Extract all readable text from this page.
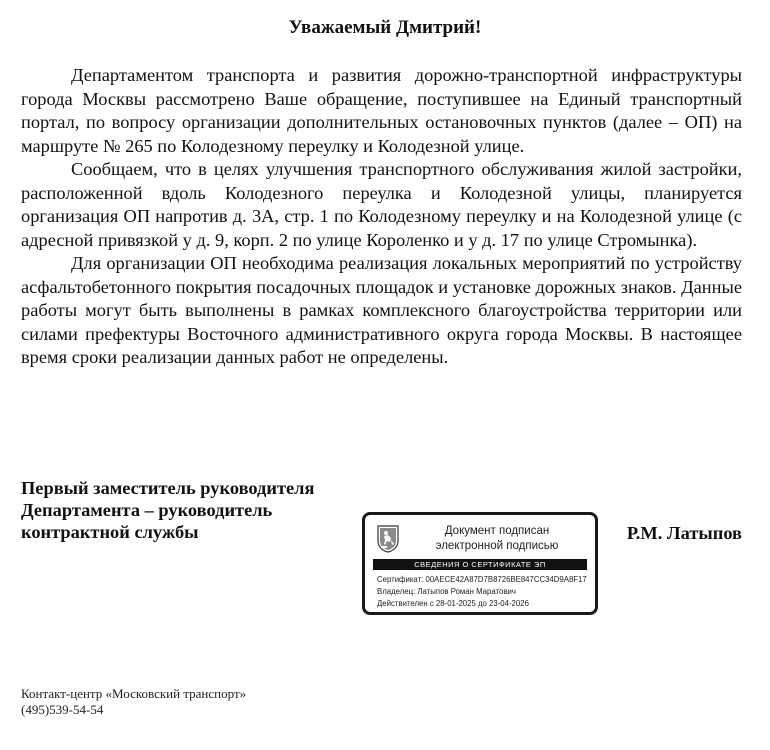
Уважаемый Дмитрий!

Департаментом транспорта и развития дорожно-транспортной инфраструктуры города Москвы рассмотрено Ваше обращение, поступившее на Единый транспортный портал, по вопросу организации дополнительных остановочных пунктов (далее – ОП) на маршруте № 265 по Колодезному переулку и Колодезной улице.

Сообщаем, что в целях улучшения транспортного обслуживания жилой застройки, расположенной вдоль Колодезного переулка и Колодезной улицы, планируется организация ОП напротив д. 3А, стр. 1 по Колодезному переулку и на Колодезной улице (с адресной привязкой у д. 9, корп. 2 по улице Короленко и у д. 17 по улице Стромынка).

Для организации ОП необходима реализация локальных мероприятий по устройству асфальтобетонного покрытия посадочных площадок и установке дорожных знаков. Данные работы могут быть выполнены в рамках комплексного благоустройства территории или силами префектуры Восточного административного округа города Москвы. В настоящее время сроки реализации данных работ не определены.

Первый заместитель руководителя
Департамента – руководитель
контрактной службы	Документ подписан
электронной подписью
СВЕДЕНИЯ О СЕРТИФИКАТЕ ЭП
Сертификат: 00AECE42A87D7B8726BE847CC34D9A8F17
Владелец: Латыпов Роман Маратович
Действителен с 28-01-2025 до 23-04-2026
Р.М. Латыпов
Контакт-центр «Московский транспорт»
(495)539-54-54
